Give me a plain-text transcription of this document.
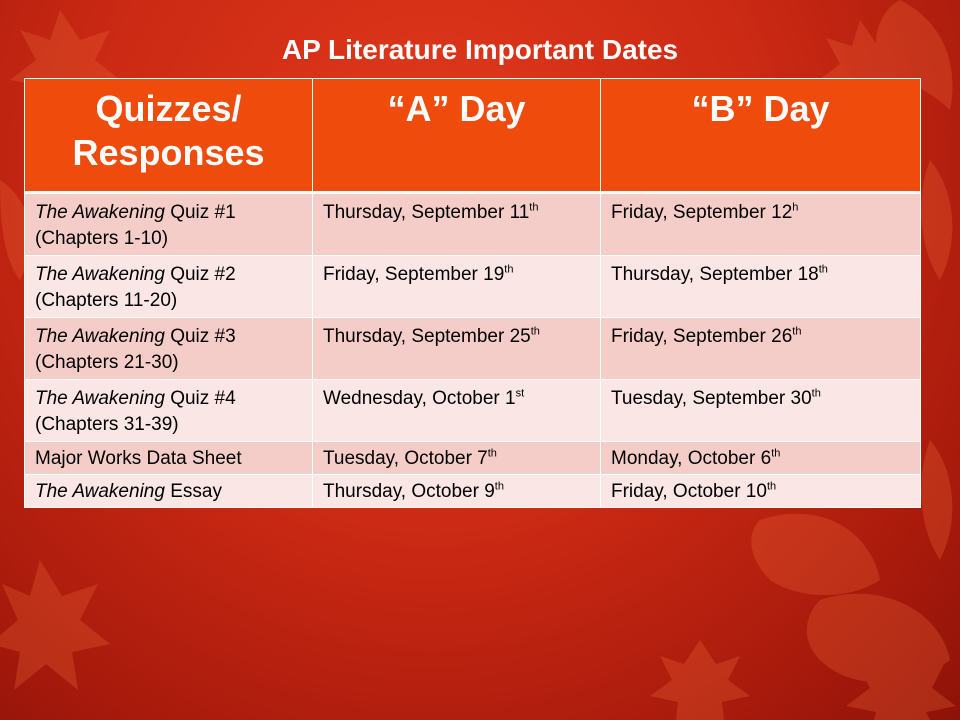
AP Literature Important Dates
Quizzes/ Responses	“A” Day	“B” Day
The Awakening Quiz #1 (Chapters 1-10)	Thursday, September 11th	Friday, September 12$^h$
The Awakening Quiz #2 (Chapters 11-20)	Friday, September 19th	Thursday, September 18th
The Awakening Quiz #3 (Chapters 21-30)	Thursday, September 25th	Friday, September 26th
The Awakening Quiz #4 (Chapters 31-39)	Wednesday, October 1st	Tuesday, September 30th
Major Works Data Sheet	Tuesday, October 7th	Monday, October 6th
The Awakening Essay	Thursday, October 9th	Friday, October 10th
